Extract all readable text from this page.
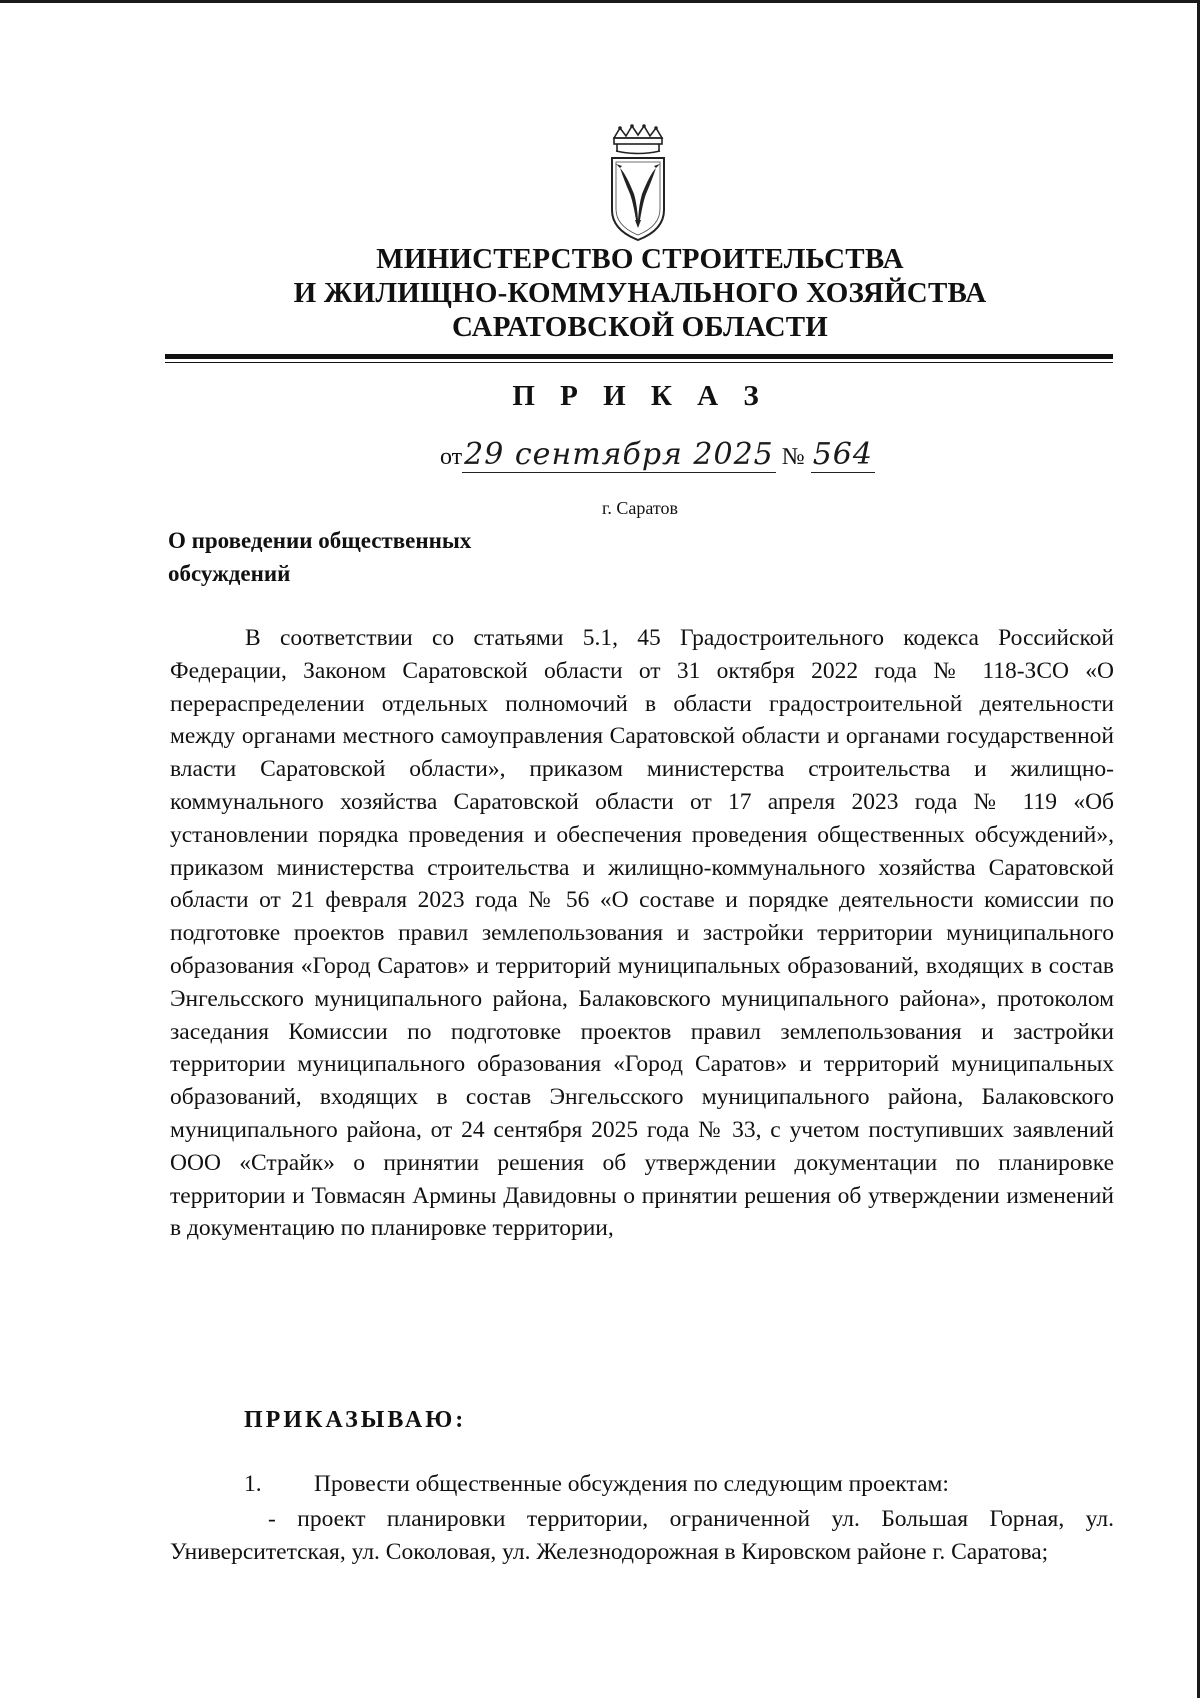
МИНИСТЕРСТВО СТРОИТЕЛЬСТВА
И ЖИЛИЩНО-КОММУНАЛЬНОГО ХОЗЯЙСТВА
САРАТОВСКОЙ ОБЛАСТИ
П Р И К А З
от29 сентября 2025 № 564
г. Саратов
О проведении общественных
обсуждений

В соответствии со статьями 5.1, 45 Градостроительного кодекса Российской Федерации, Законом Саратовской области от 31 октября 2022 года № 118-ЗСО «О перераспределении отдельных полномочий в области градостроительной деятельности между органами местного самоуправления Саратовской области и органами государственной власти Саратовской области», приказом министерства строительства и жилищно-коммунального хозяйства Саратовской области от 17 апреля 2023 года № 119 «Об установлении порядка проведения и обеспечения проведения общественных обсуждений», приказом министерства строительства и жилищно-коммунального хозяйства Саратовской области от 21 февраля 2023 года № 56 «О составе и порядке деятельности комиссии по подготовке проектов правил землепользования и застройки территории муниципального образования «Город Саратов» и территорий муниципальных образований, входящих в состав Энгельсского муниципального района, Балаковского муниципального района», протоколом заседания Комиссии по подготовке проектов правил землепользования и застройки территории муниципального образования «Город Саратов» и территорий муниципальных образований, входящих в состав Энгельсского муниципального района, Балаковского муниципального района, от 24 сентября 2025 года № 33, с учетом поступивших заявлений ООО «Страйк» о принятии решения об утверждении документации по планировке территории и Товмасян Армины Давидовны о принятии решения об утверждении изменений в документацию по планировке территории,

ПРИКАЗЫВАЮ:
1. Провести общественные обсуждения по следующим проектам:

- проект планировки территории, ограниченной ул. Большая Горная, ул. Университетская, ул. Соколовая, ул. Железнодорожная в Кировском районе г. Саратова;
